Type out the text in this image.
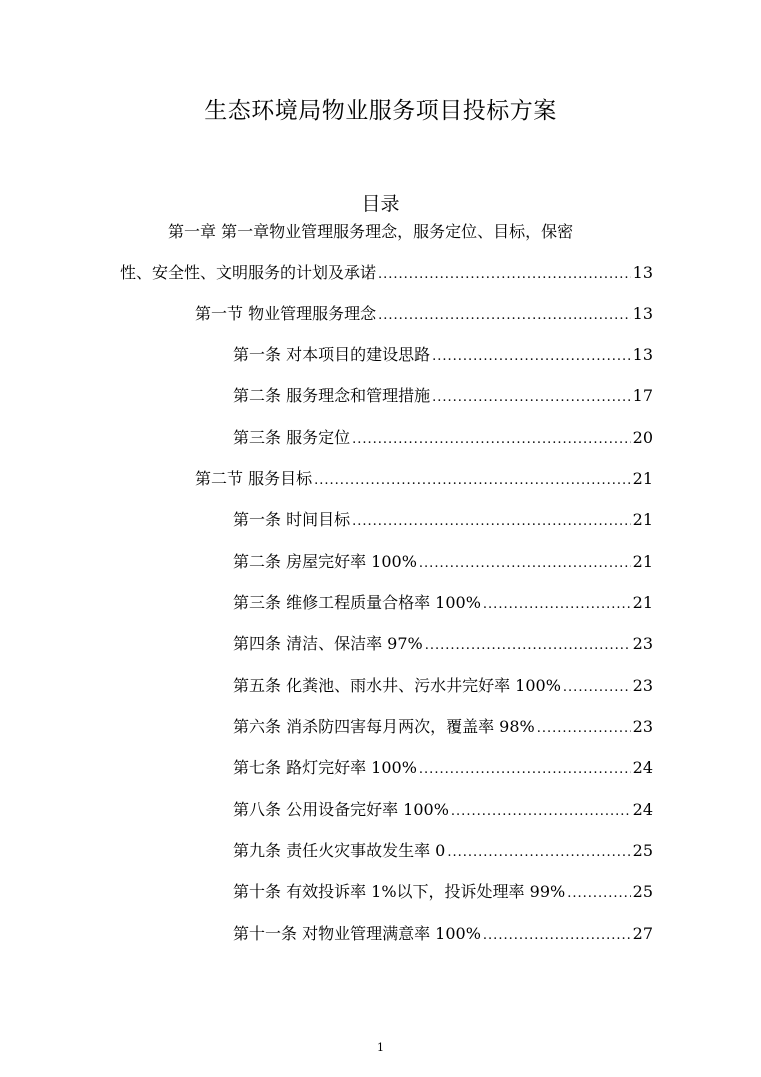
生态环境局物业服务项目投标方案
目录
第一章 第一章物业管理服务理念，服务定位、目标，保密
性、安全性、文明服务的计划及承诺 .....	13
第一节 物业管理服务理念 .....	13
第一条 对本项目的建设思路 .....	13
第二条 服务理念和管理措施 .....	17
第三条 服务定位 .....	20
第二节 服务目标 .....	21
第一条 时间目标 .....	21
第二条 房屋完好率 100% .....	21
第三条 维修工程质量合格率 100% .....	21
第四条 清洁、保洁率 97% .....	23
第五条 化粪池、雨水井、污水井完好率 100% .....	23
第六条 消杀防四害每月两次，覆盖率 98% .....	23
第七条 路灯完好率 100% .....	24
第八条 公用设备完好率 100% .....	24
第九条 责任火灾事故发生率 0 .....	25
第十条 有效投诉率 1%以下，投诉处理率 99% .....	25
第十一条 对物业管理满意率 100% .....	27
1
